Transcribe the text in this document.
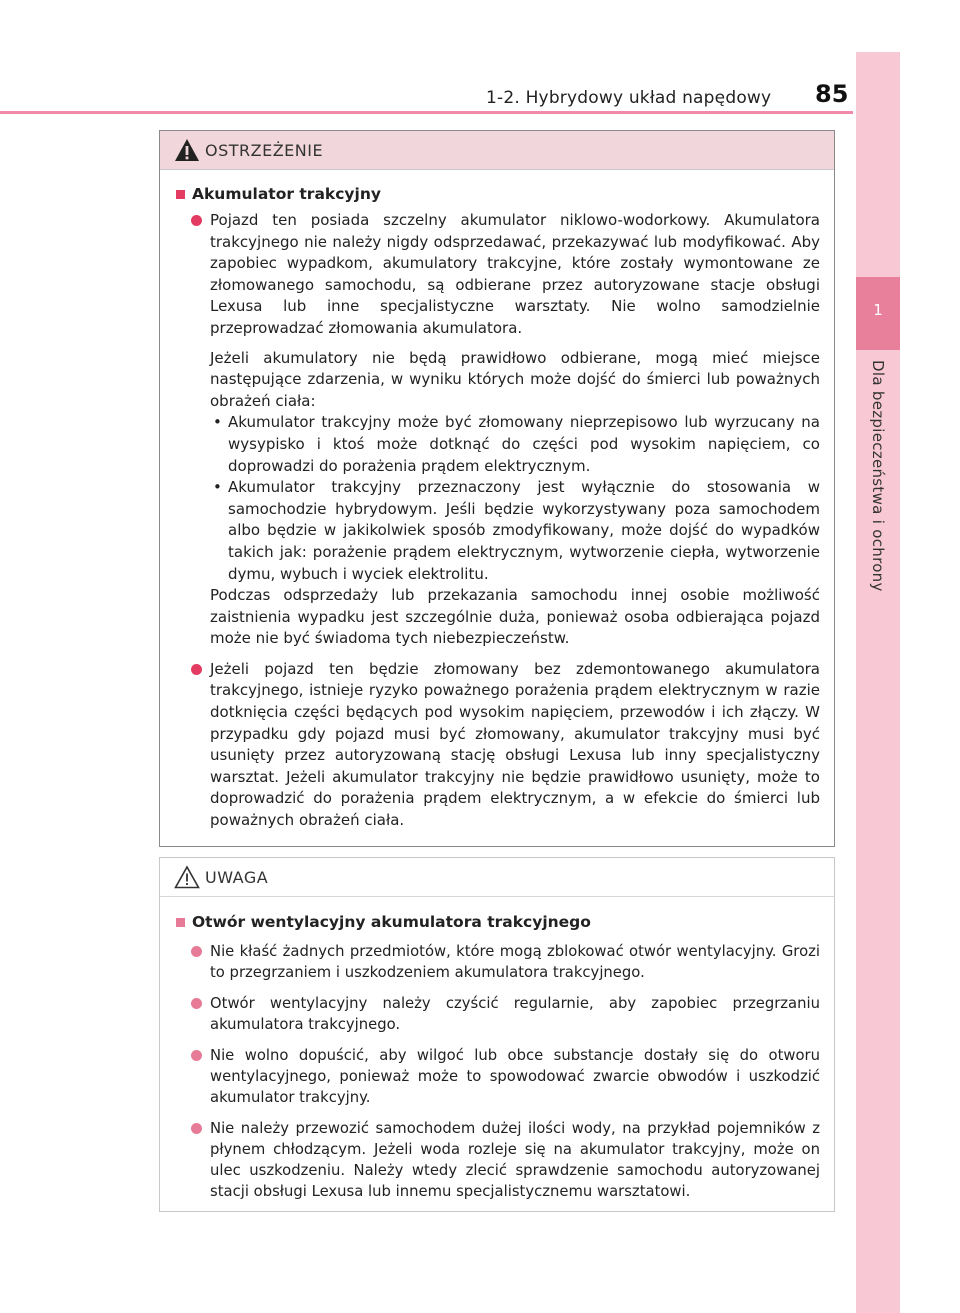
1-2. Hybrydowy układ napędowy 85
1
Dla bezpieczeństwa i ochrony
OSTRZEŻENIE
Akumulator trakcyjny
Pojazd ten posiada szczelny akumulator niklowo-wodorkowy. Akumulatora trakcyjnego nie należy nigdy odsprzedawać, przekazywać lub modyfikować. Aby zapobiec wypadkom, akumulatory trakcyjne, które zostały wymontowane ze złomowanego samochodu, są odbierane przez autoryzowane stacje obsługi Lexusa lub inne specjalistyczne warsztaty. Nie wolno samodzielnie przeprowadzać złomowania akumulatora.
Jeżeli akumulatory nie będą prawidłowo odbierane, mogą mieć miejsce następujące zdarzenia, w wyniku których może dojść do śmierci lub poważnych obrażeń ciała:
• Akumulator trakcyjny może być złomowany nieprzepisowo lub wyrzucany na wysypisko i ktoś może dotknąć do części pod wysokim napięciem, co doprowadzi do porażenia prądem elektrycznym.
• Akumulator trakcyjny przeznaczony jest wyłącznie do stosowania w samochodzie hybrydowym. Jeśli będzie wykorzystywany poza samochodem albo będzie w jakikolwiek sposób zmodyfikowany, może dojść do wypadków takich jak: porażenie prądem elektrycznym, wytworzenie ciepła, wytworzenie dymu, wybuch i wyciek elektrolitu.
Podczas odsprzedaży lub przekazania samochodu innej osobie możliwość zaistnienia wypadku jest szczególnie duża, ponieważ osoba odbierająca pojazd może nie być świadoma tych niebezpieczeństw.
Jeżeli pojazd ten będzie złomowany bez zdemontowanego akumulatora trakcyjnego, istnieje ryzyko poważnego porażenia prądem elektrycznym w razie dotknięcia części będących pod wysokim napięciem, przewodów i ich złączy. W przypadku gdy pojazd musi być złomowany, akumulator trakcyjny musi być usunięty przez autoryzowaną stację obsługi Lexusa lub inny specjalistyczny warsztat. Jeżeli akumulator trakcyjny nie będzie prawidłowo usunięty, może to doprowadzić do porażenia prądem elektrycznym, a w efekcie do śmierci lub poważnych obrażeń ciała.
UWAGA
Otwór wentylacyjny akumulatora trakcyjnego
Nie kłaść żadnych przedmiotów, które mogą zblokować otwór wentylacyjny. Grozi to przegrzaniem i uszkodzeniem akumulatora trakcyjnego.
Otwór wentylacyjny należy czyścić regularnie, aby zapobiec przegrzaniu akumulatora trakcyjnego.
Nie wolno dopuścić, aby wilgoć lub obce substancje dostały się do otworu wentylacyjnego, ponieważ może to spowodować zwarcie obwodów i uszkodzić akumulator trakcyjny.
Nie należy przewozić samochodem dużej ilości wody, na przykład pojemników z płynem chłodzącym. Jeżeli woda rozleje się na akumulator trakcyjny, może on ulec uszkodzeniu. Należy wtedy zlecić sprawdzenie samochodu autoryzowanej stacji obsługi Lexusa lub innemu specjalistycznemu warsztatowi.
